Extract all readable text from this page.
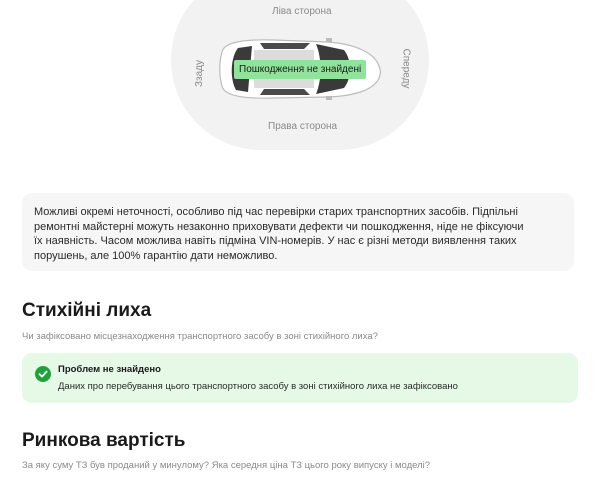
Ліва сторона
Права сторона
Ззаду	Спереду
Пошкодження не знайдені

Можливі окремі неточності, особливо під час перевірки старих транспортних засобів. Підпільні ремонтні майстерні можуть незаконно приховувати дефекти чи пошкодження, ніде не фіксуючи їх наявність. Часом можлива навіть підміна VIN-номерів. У нас є різні методи виявлення таких порушень, але 100% гарантію дати неможливо.

Стихійні лиха
Чи зафіксовано місцезнаходження транспортного засобу в зоні стихійного лиха?
Проблем не знайдено
Даних про перебування цього транспортного засобу в зоні стихійного лиха не зафіксовано
Ринкова вартість
За яку суму ТЗ був проданий у минулому? Яка середня ціна ТЗ цього року випуску і моделі?
